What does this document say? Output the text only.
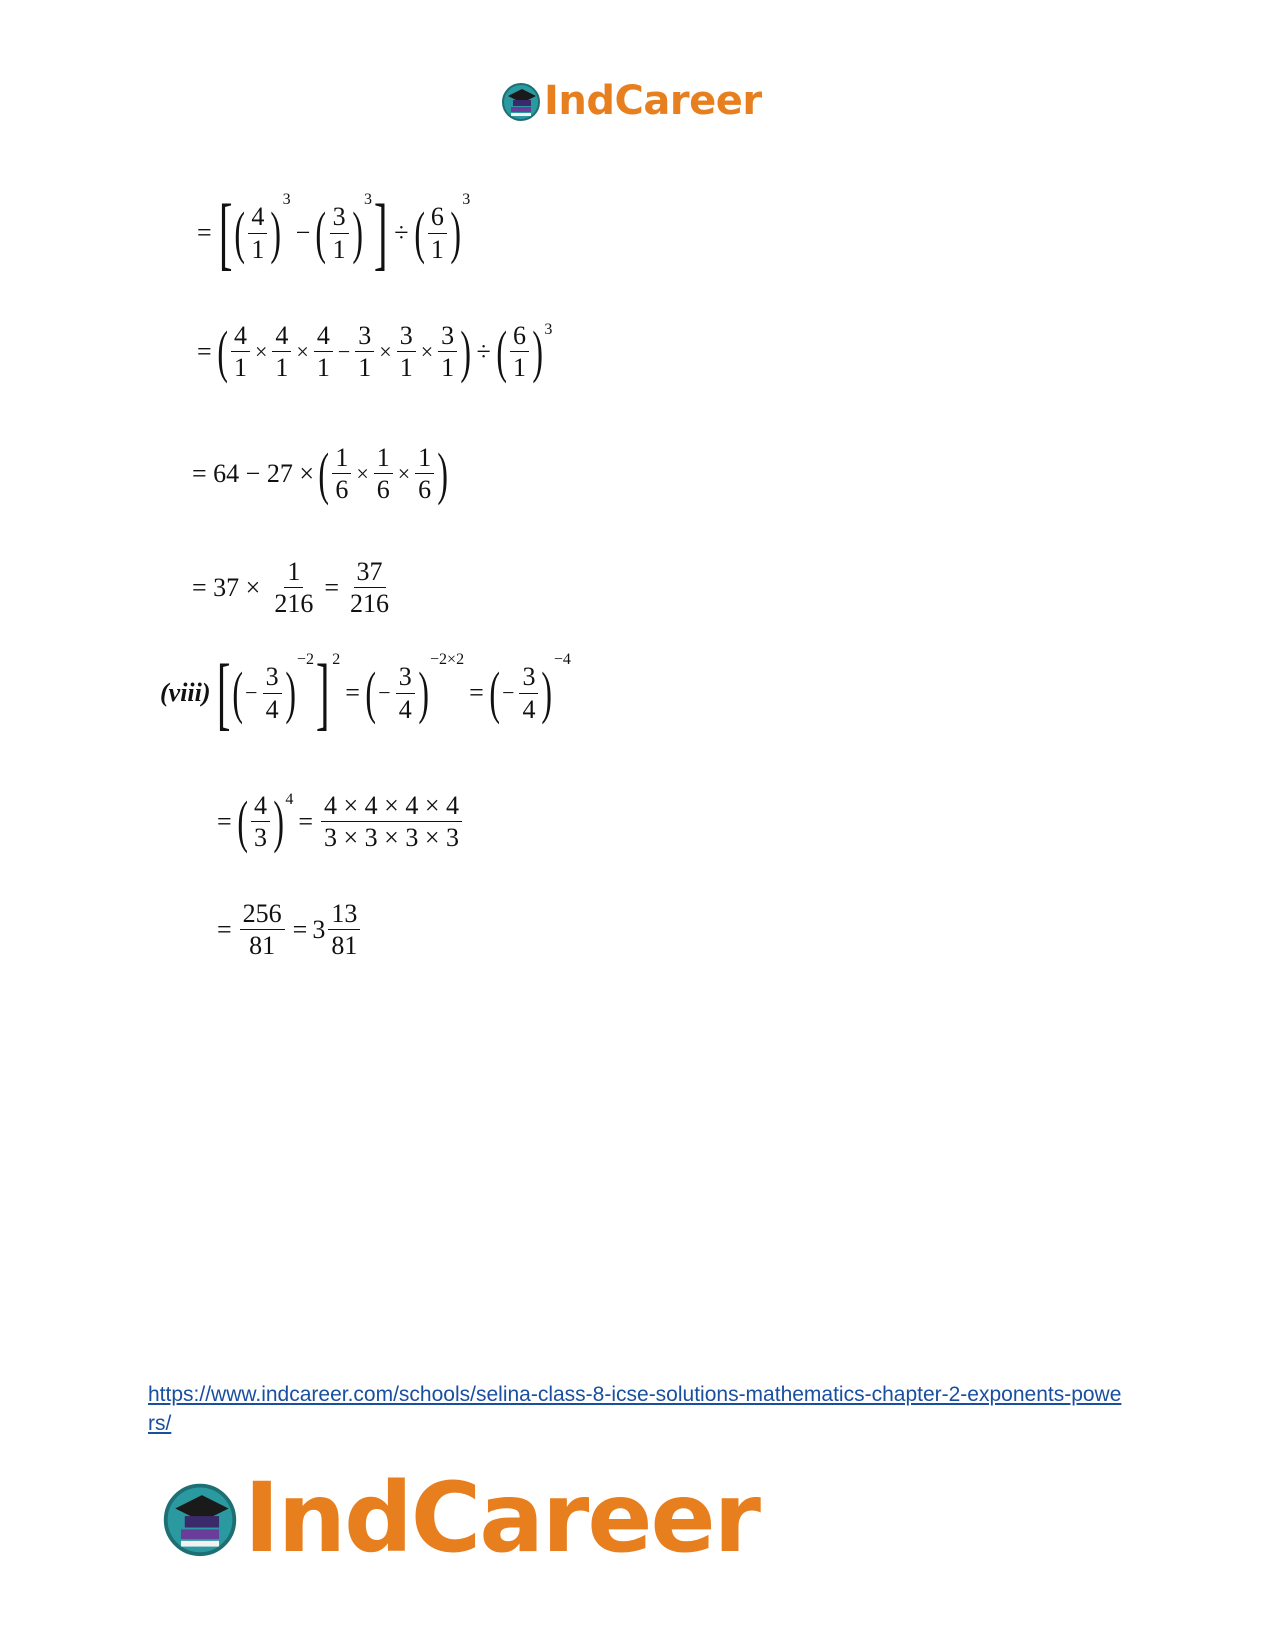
IndCareer
= [ ( $\frac{4}{1}$ )
3
− ( $\frac{3}{1}$ )
3 ] ÷ ( $\frac{6}{1}$ )
3
= ( $\frac{4}{1} \times \frac{4}{1} \times \frac{4}{1} - \frac{3}{1} \times \frac{3}{1} \times \frac{3}{1}$ ) ÷ ( $\frac{6}{1}$ ) 3
= 64 − 27 × ( $\frac{1}{6} \times \frac{1}{6} \times \frac{1}{6}$ )
= $37 \times \frac{1}{216} = \frac{37}{216}$
(viii) [ ( − $\frac{3}{4}$ )
−2 ] 2
= ( − $\frac{3}{4}$ )
−2×2
= ( − $\frac{3}{4}$ )
−4
= ( $\frac{4}{3}$ ) 4
= $\frac{4 \times 4 \times 4 \times 4}{3 \times 3 \times 3 \times 3}$
= $\frac{256}{81} = 3 \frac{13}{81}$
https://www.indcareer.com/schools/selina-class-8-icse-solutions-mathematics-chapter-2-exponents-powers/
IndCareer
